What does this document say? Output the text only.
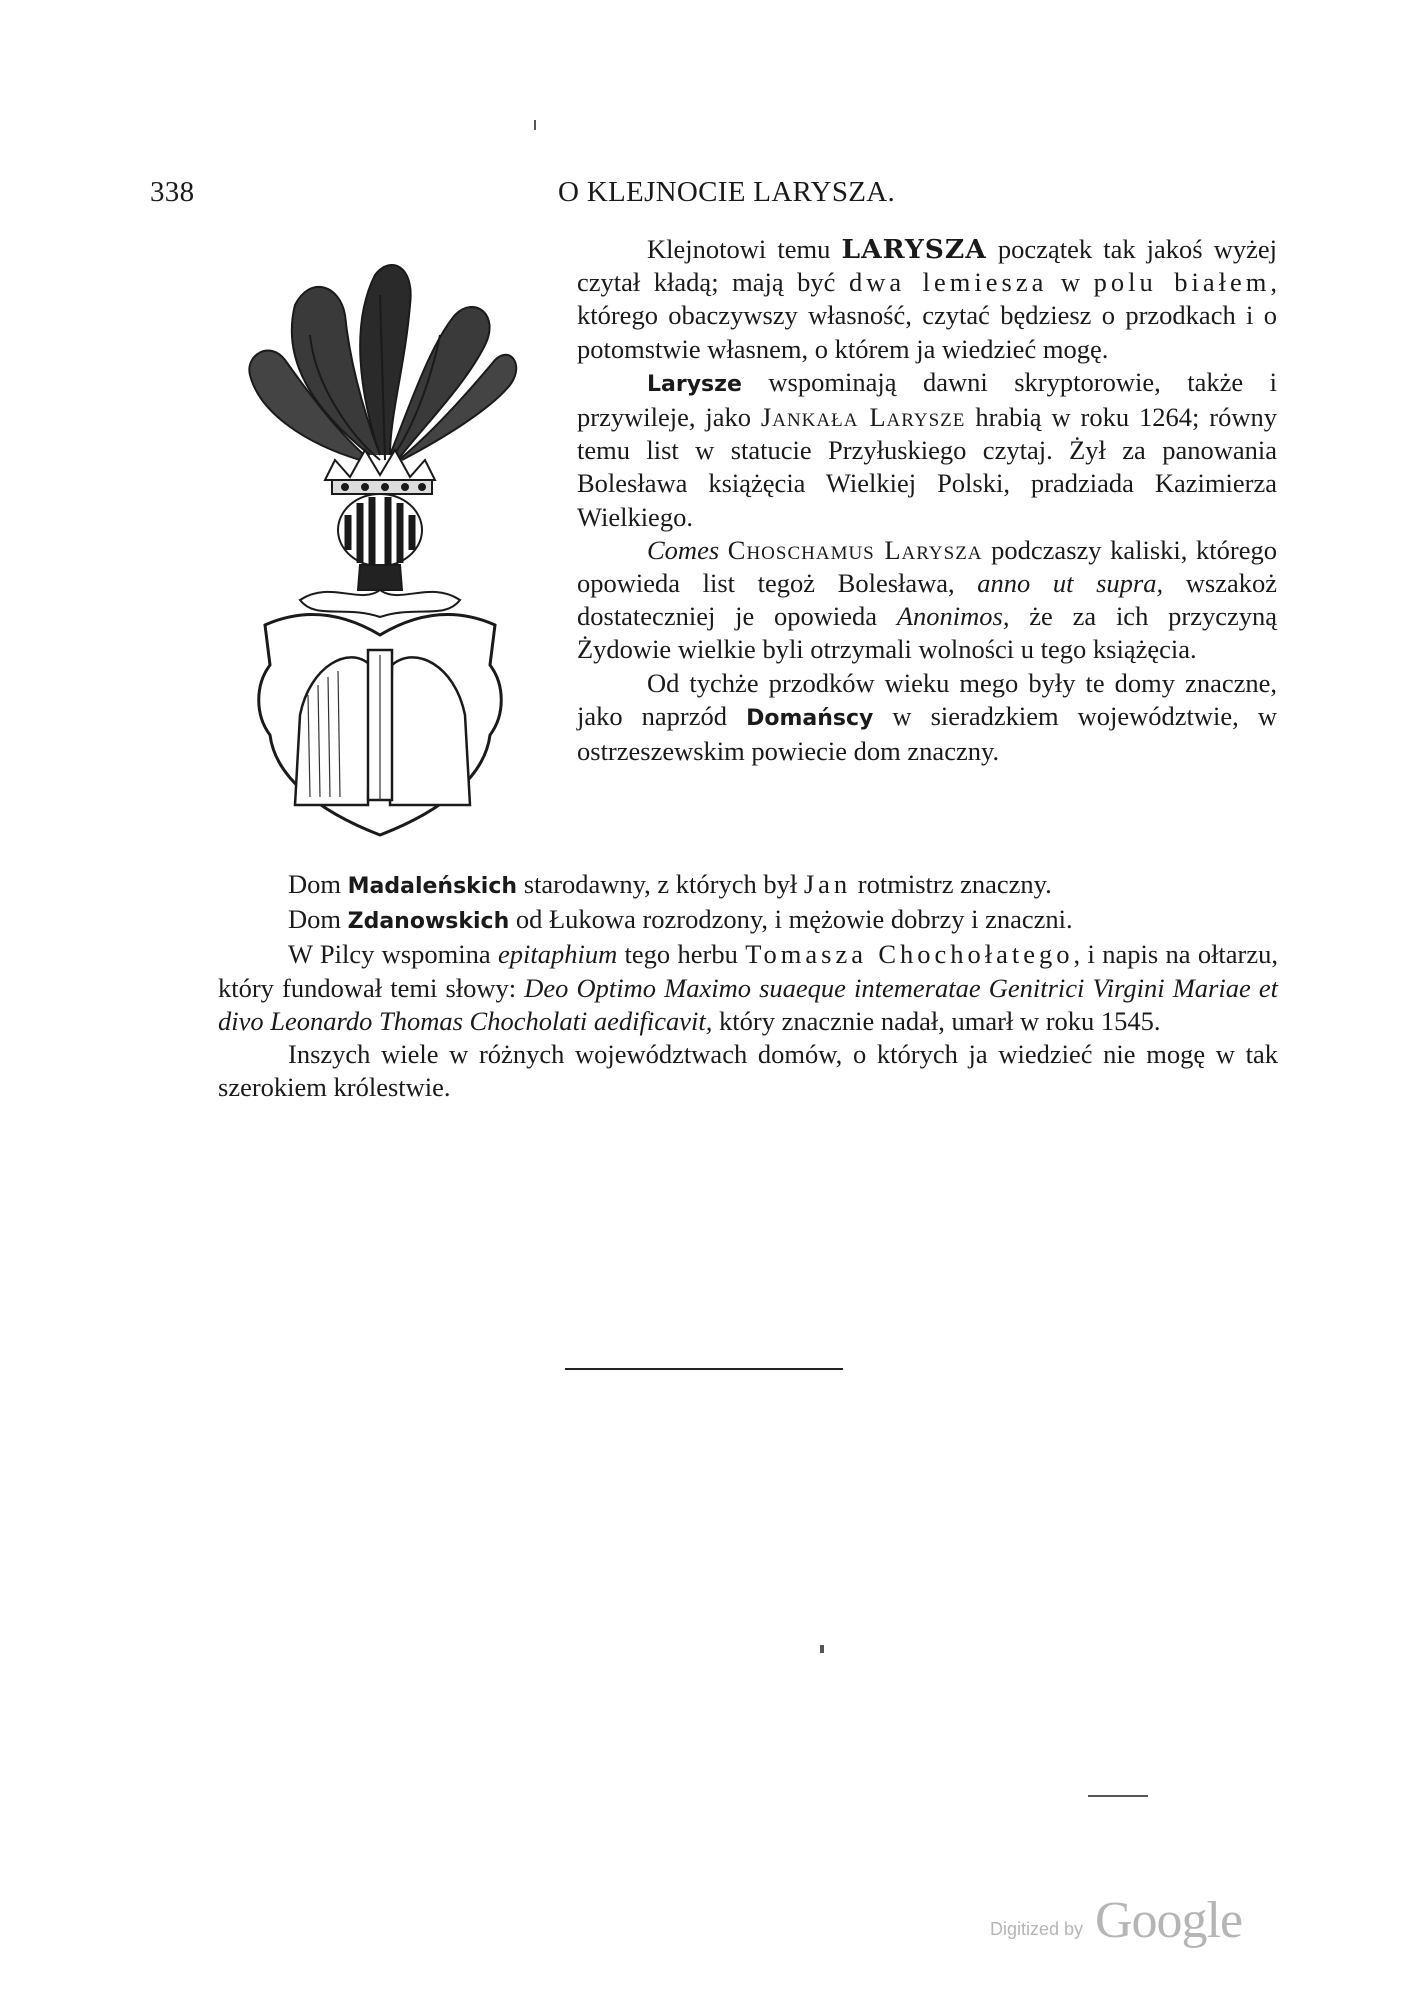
338	O KLEJNOCIE LARYSZA.

Klejnotowi temu LARYSZA początek tak jakoś wyżej czytał kładą; mają być dwa lemiesza w polu białem, którego obaczywszy własność, czytać będziesz o przodkach i o potomstwie własnem, o którem ja wiedzieć mogę.

Larysze wspominają dawni skryptorowie, także i przywileje, jako Jankała Larysze hrabią w roku 1264; równy temu list w statucie Przyłuskiego czytaj. Żył za panowania Bolesława książęcia Wielkiej Polski, pradziada Kazimierza Wielkiego.

Comes Choschamus Larysza podczaszy kaliski, którego opowieda list tegoż Bolesława, anno ut supra, wszakoż dostateczniej je opowieda Anonimos, że za ich przyczyną Żydowie wielkie byli otrzymali wolności u tego książęcia.

Od tychże przodków wieku mego były te domy znaczne, jako naprzód Domańscy w sieradzkiem województwie, w ostrzeszewskim powiecie dom znaczny.

Dom Madaleńskich starodawny, z których był Jan rotmistrz znaczny.

Dom Zdanowskich od Łukowa rozrodzony, i mężowie dobrzy i znaczni.

W Pilcy wspomina epitaphium tego herbu Tomasza Chochołatego, i napis na ołtarzu, który fundował temi słowy: Deo Optimo Maximo suaeque intemeratae Genitrici Virgini Mariae et divo Leonardo Thomas Chocholati aedificavit, który znacznie nadał, umarł w roku 1545.

Inszych wiele w różnych województwach domów, o których ja wiedzieć nie mogę w tak szerokiem królestwie.

Digitized by Google
